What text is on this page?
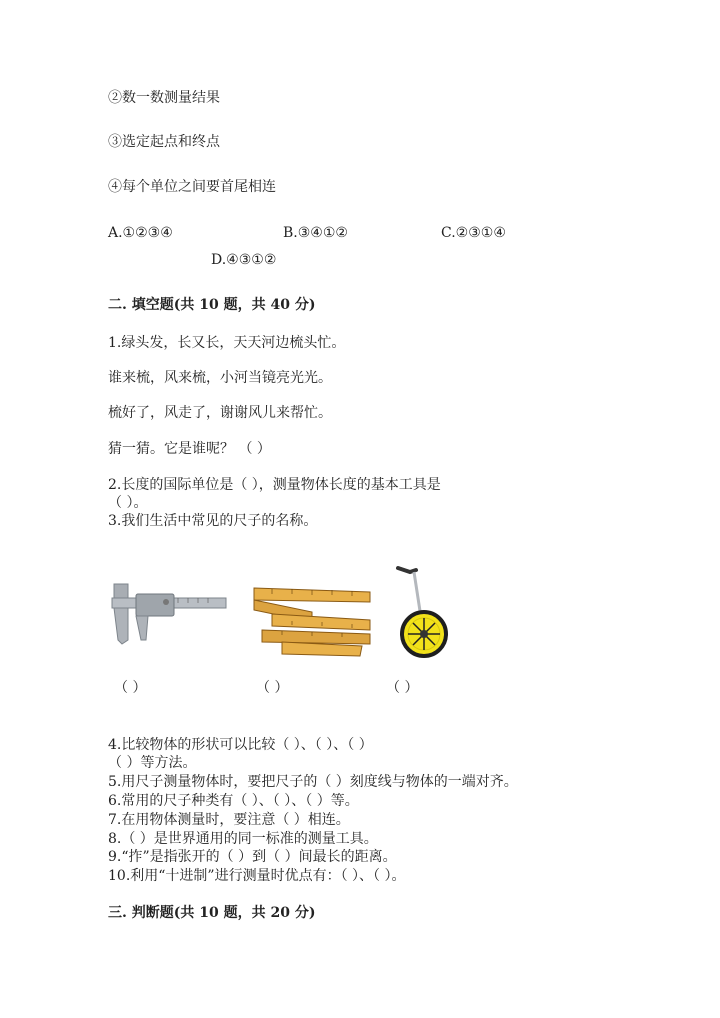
②数一数测量结果
③选定起点和终点
④每个单位之间要首尾相连
A.①②③④	B.③④①②	C.②③①④
D.④③①②
二. 填空题(共 10 题，共 40 分)
1.绿头发，长又长，天天河边梳头忙。
谁来梳，风来梳，小河当镜亮光光。
梳好了，风走了，谢谢风儿来帮忙。
猜一猜。它是谁呢？ （ ）
2.长度的国际单位是（ ），测量物体长度的基本工具是
（ ）。
3.我们生活中常见的尺子的名称。
（ ）	（ ）	（ ）
4.比较物体的形状可以比较（ ）、（ ）、（ ）
（ ）等方法。
5.用尺子测量物体时，要把尺子的（ ）刻度线与物体的一端对齐。
6.常用的尺子种类有（ ）、（ ）、（ ）等。
7.在用物体测量时，要注意（ ）相连。
8.（ ）是世界通用的同一标准的测量工具。
9.“拃”是指张开的（ ）到（ ）间最长的距离。
10.利用“十进制”进行测量时优点有：（ ）、（ ）。
三. 判断题(共 10 题，共 20 分)
